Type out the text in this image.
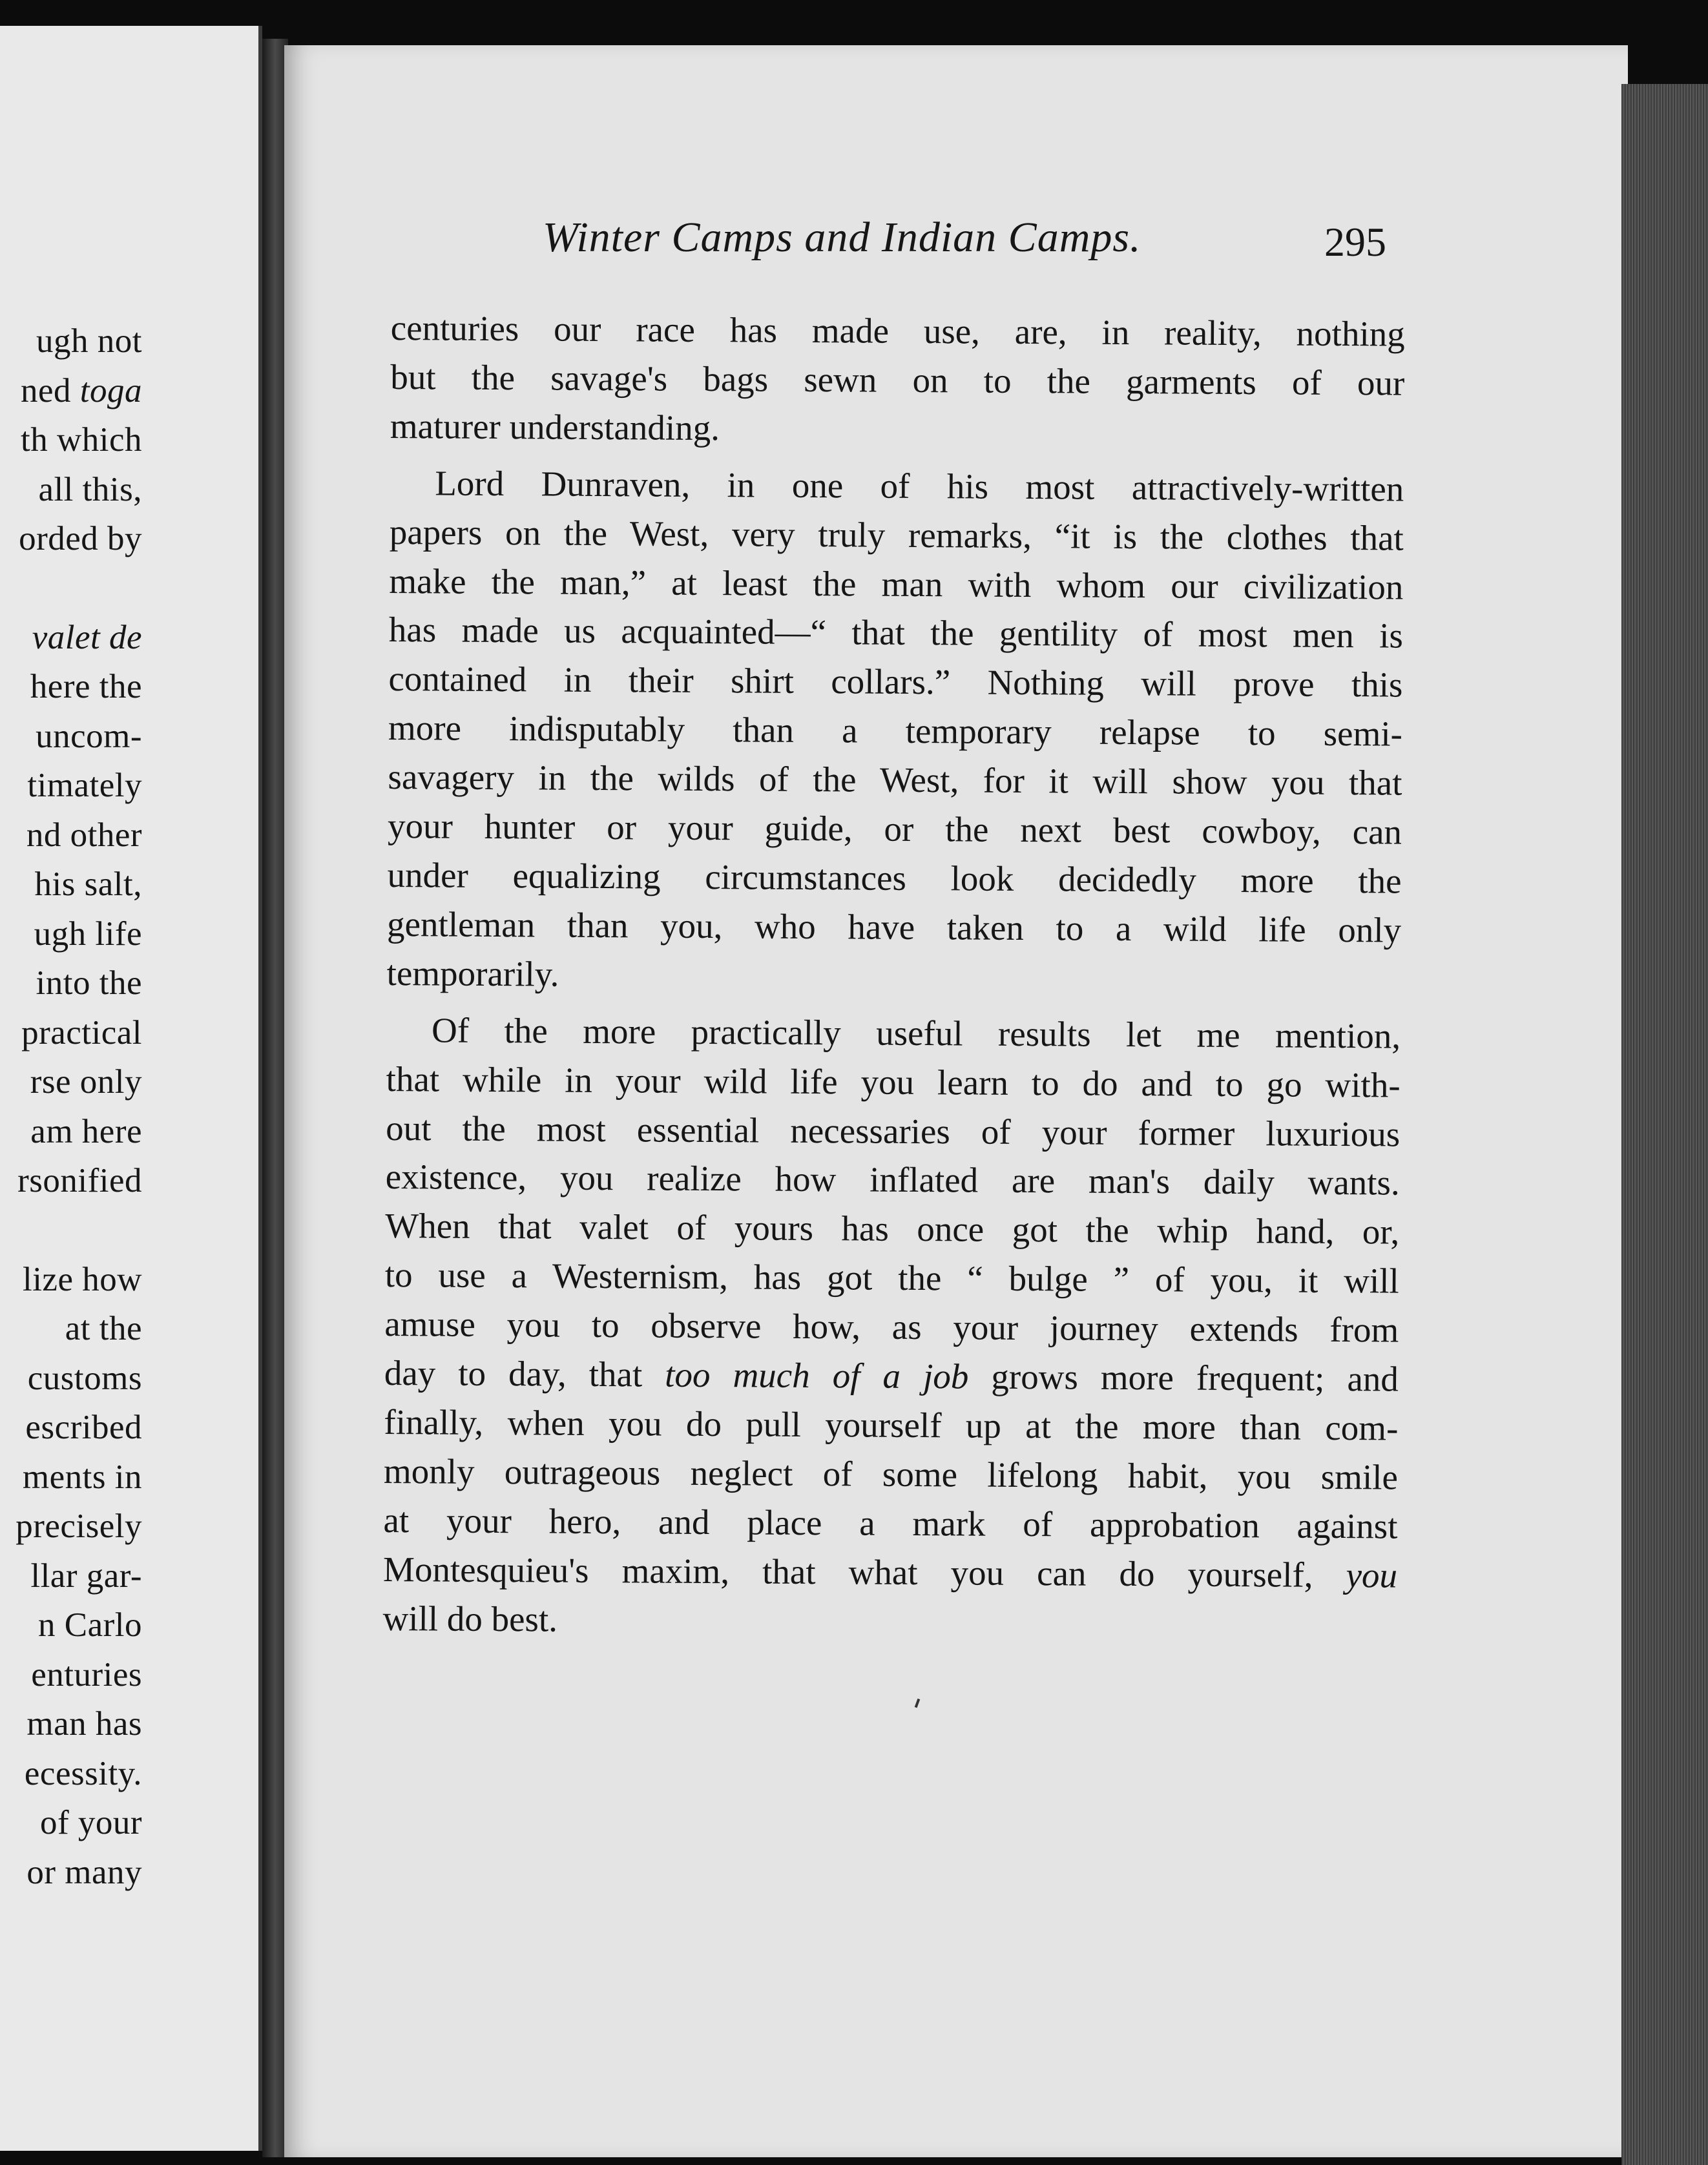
ugh not
ned toga
th which
all this,
orded by
valet de
here the
uncom-
timately
nd other
his salt,
ugh life
into the
practical
rse only
am here
rsonified
lize how
at the
customs
escribed
ments in
precisely
llar gar-
n Carlo
enturies
man has
ecessity.
of your
or many
Winter Camps and Indian Camps.	295
centuries our race has made use, are, in reality, nothing
but the savage's bags sewn on to the garments of our
maturer understanding.
Lord Dunraven, in one of his most attractively-written
papers on the West, very truly remarks, “it is the clothes that
make the man,” at least the man with whom our civilization
has made us acquainted—“ that the gentility of most men is
contained in their shirt collars.” Nothing will prove this
more indisputably than a temporary relapse to semi-
savagery in the wilds of the West, for it will show you that
your hunter or your guide, or the next best cowboy, can
under equalizing circumstances look decidedly more the
gentleman than you, who have taken to a wild life only
temporarily.
Of the more practically useful results let me mention,
that while in your wild life you learn to do and to go with-
out the most essential necessaries of your former luxurious
existence, you realize how inflated are man's daily wants.
When that valet of yours has once got the whip hand, or,
to use a Westernism, has got the “ bulge ” of you, it will
amuse you to observe how, as your journey extends from
day to day, that too much of a job grows more frequent; and
finally, when you do pull yourself up at the more than com-
monly outrageous neglect of some lifelong habit, you smile
at your hero, and place a mark of approbation against
Montesquieu's maxim, that what you can do yourself, you
will do best.
